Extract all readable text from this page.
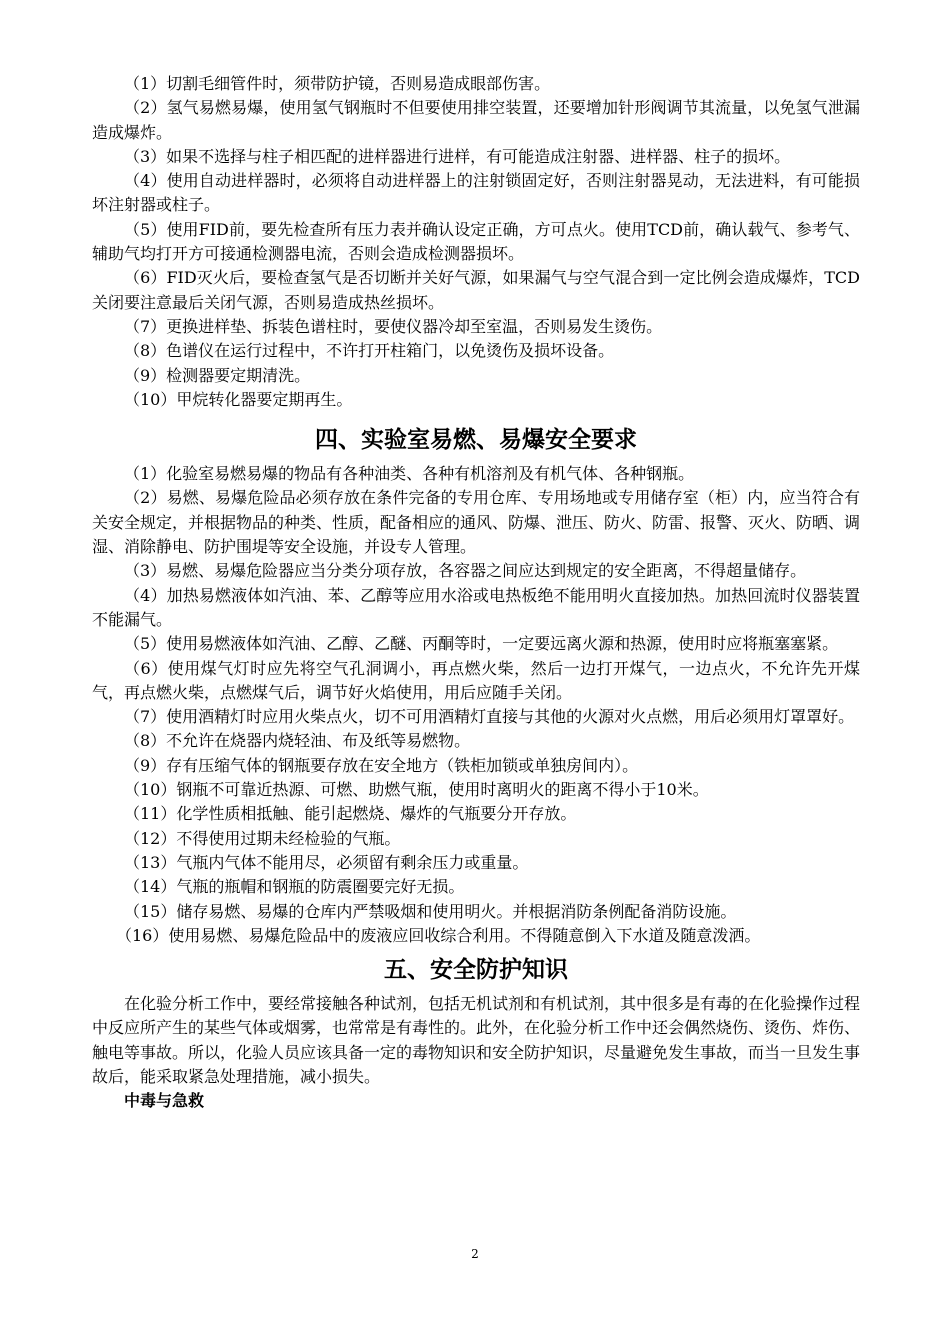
（1）切割毛细管件时，须带防护镜，否则易造成眼部伤害。

（2）氢气易燃易爆，使用氢气钢瓶时不但要使用排空装置，还要增加针形阀调节其流量，以免氢气泄漏造成爆炸。

（3）如果不选择与柱子相匹配的进样器进行进样，有可能造成注射器、进样器、柱子的损坏。

（4）使用自动进样器时，必须将自动进样器上的注射锁固定好，否则注射器晃动，无法进料，有可能损坏注射器或柱子。

（5）使用FID前，要先检查所有压力表并确认设定正确，方可点火。使用TCD前，确认载气、参考气、辅助气均打开方可接通检测器电流，否则会造成检测器损坏。

（6）FID灭火后，要检查氢气是否切断并关好气源，如果漏气与空气混合到一定比例会造成爆炸，TCD关闭要注意最后关闭气源，否则易造成热丝损坏。

（7）更换进样垫、拆装色谱柱时，要使仪器冷却至室温，否则易发生烫伤。

（8）色谱仪在运行过程中，不许打开柱箱门，以免烫伤及损坏设备。

（9）检测器要定期清洗。

（10）甲烷转化器要定期再生。

四、实验室易燃、易爆安全要求

（1）化验室易燃易爆的物品有各种油类、各种有机溶剂及有机气体、各种钢瓶。

（2）易燃、易爆危险品必须存放在条件完备的专用仓库、专用场地或专用储存室（柜）内，应当符合有关安全规定，并根据物品的种类、性质，配备相应的通风、防爆、泄压、防火、防雷、报警、灭火、防晒、调湿、消除静电、防护围堤等安全设施，并设专人管理。

（3）易燃、易爆危险器应当分类分项存放，各容器之间应达到规定的安全距离，不得超量储存。

（4）加热易燃液体如汽油、苯、乙醇等应用水浴或电热板绝不能用明火直接加热。加热回流时仪器装置不能漏气。

（5）使用易燃液体如汽油、乙醇、乙醚、丙酮等时，一定要远离火源和热源，使用时应将瓶塞塞紧。

（6）使用煤气灯时应先将空气孔洞调小，再点燃火柴，然后一边打开煤气，一边点火，不允许先开煤气，再点燃火柴，点燃煤气后，调节好火焰使用，用后应随手关闭。

（7）使用酒精灯时应用火柴点火，切不可用酒精灯直接与其他的火源对火点燃，用后必须用灯罩罩好。

（8）不允许在烧器内烧轻油、布及纸等易燃物。

（9）存有压缩气体的钢瓶要存放在安全地方（铁柜加锁或单独房间内）。

（10）钢瓶不可靠近热源、可燃、助燃气瓶，使用时离明火的距离不得小于10米。

（11）化学性质相抵触、能引起燃烧、爆炸的气瓶要分开存放。

（12）不得使用过期未经检验的气瓶。

（13）气瓶内气体不能用尽，必须留有剩余压力或重量。

（14）气瓶的瓶帽和钢瓶的防震圈要完好无损。

（15）储存易燃、易爆的仓库内严禁吸烟和使用明火。并根据消防条例配备消防设施。

（16）使用易燃、易爆危险品中的废液应回收综合利用。不得随意倒入下水道及随意泼洒。

五、安全防护知识

在化验分析工作中，要经常接触各种试剂，包括无机试剂和有机试剂，其中很多是有毒的在化验操作过程中反应所产生的某些气体或烟雾，也常常是有毒性的。此外，在化验分析工作中还会偶然烧伤、烫伤、炸伤、触电等事故。所以，化验人员应该具备一定的毒物知识和安全防护知识，尽量避免发生事故，而当一旦发生事故后，能采取紧急处理措施，减小损失。

中毒与急救

2
